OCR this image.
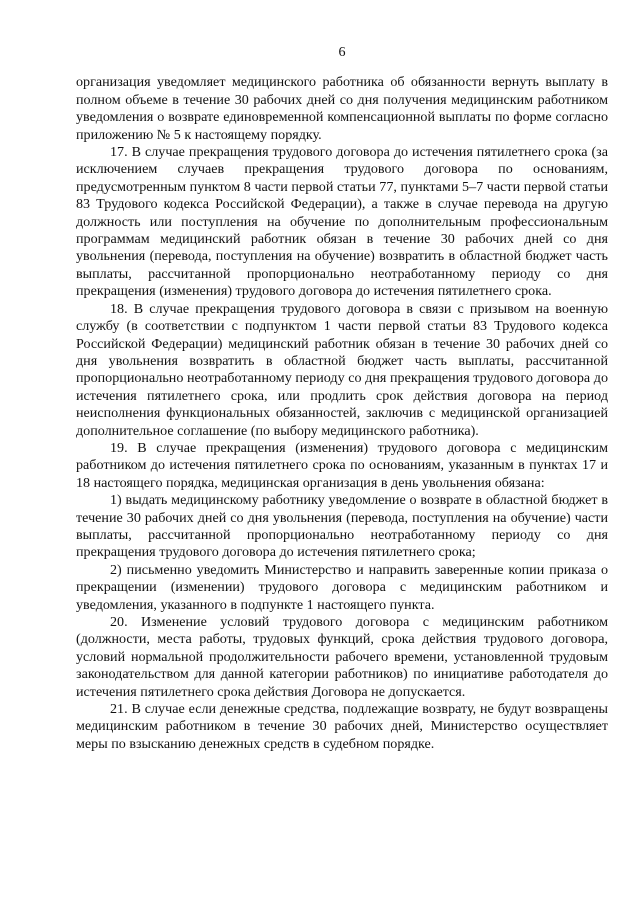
6

организация уведомляет медицинского работника об обязанности вернуть выплату в полном объеме в течение 30 рабочих дней со дня получения медицинским работником уведомления о возврате единовременной компенсационной выплаты по форме согласно приложению № 5 к настоящему порядку.

17. В случае прекращения трудового договора до истечения пятилетнего срока (за исключением случаев прекращения трудового договора по основаниям, предусмотренным пунктом 8 части первой статьи 77, пунктами 5–7 части первой статьи 83 Трудового кодекса Российской Федерации), а также в случае перевода на другую должность или поступления на обучение по дополнительным профессиональным программам медицинский работник обязан в течение 30 рабочих дней со дня увольнения (перевода, поступления на обучение) возвратить в областной бюджет часть выплаты, рассчитанной пропорционально неотработанному периоду со дня прекращения (изменения) трудового договора до истечения пятилетнего срока.

18. В случае прекращения трудового договора в связи с призывом на военную службу (в соответствии с подпунктом 1 части первой статьи 83 Трудового кодекса Российской Федерации) медицинский работник обязан в течение 30 рабочих дней со дня увольнения возвратить в областной бюджет часть выплаты, рассчитанной пропорционально неотработанному периоду со дня прекращения трудового договора до истечения пятилетнего срока, или продлить срок действия договора на период неисполнения функциональных обязанностей, заключив с медицинской организацией дополнительное соглашение (по выбору медицинского работника).

19. В случае прекращения (изменения) трудового договора с медицинским работником до истечения пятилетнего срока по основаниям, указанным в пунктах 17 и 18 настоящего порядка, медицинская организация в день увольнения обязана:

1) выдать медицинскому работнику уведомление о возврате в областной бюджет в течение 30 рабочих дней со дня увольнения (перевода, поступления на обучение) части выплаты, рассчитанной пропорционально неотработанному периоду со дня прекращения трудового договора до истечения пятилетнего срока;

2) письменно уведомить Министерство и направить заверенные копии приказа о прекращении (изменении) трудового договора с медицинским работником и уведомления, указанного в подпункте 1 настоящего пункта.

20. Изменение условий трудового договора с медицинским работником (должности, места работы, трудовых функций, срока действия трудового договора, условий нормальной продолжительности рабочего времени, установленной трудовым законодательством для данной категории работников) по инициативе работодателя до истечения пятилетнего срока действия Договора не допускается.

21. В случае если денежные средства, подлежащие возврату, не будут возвращены медицинским работником в течение 30 рабочих дней, Министерство осуществляет меры по взысканию денежных средств в судебном порядке.
